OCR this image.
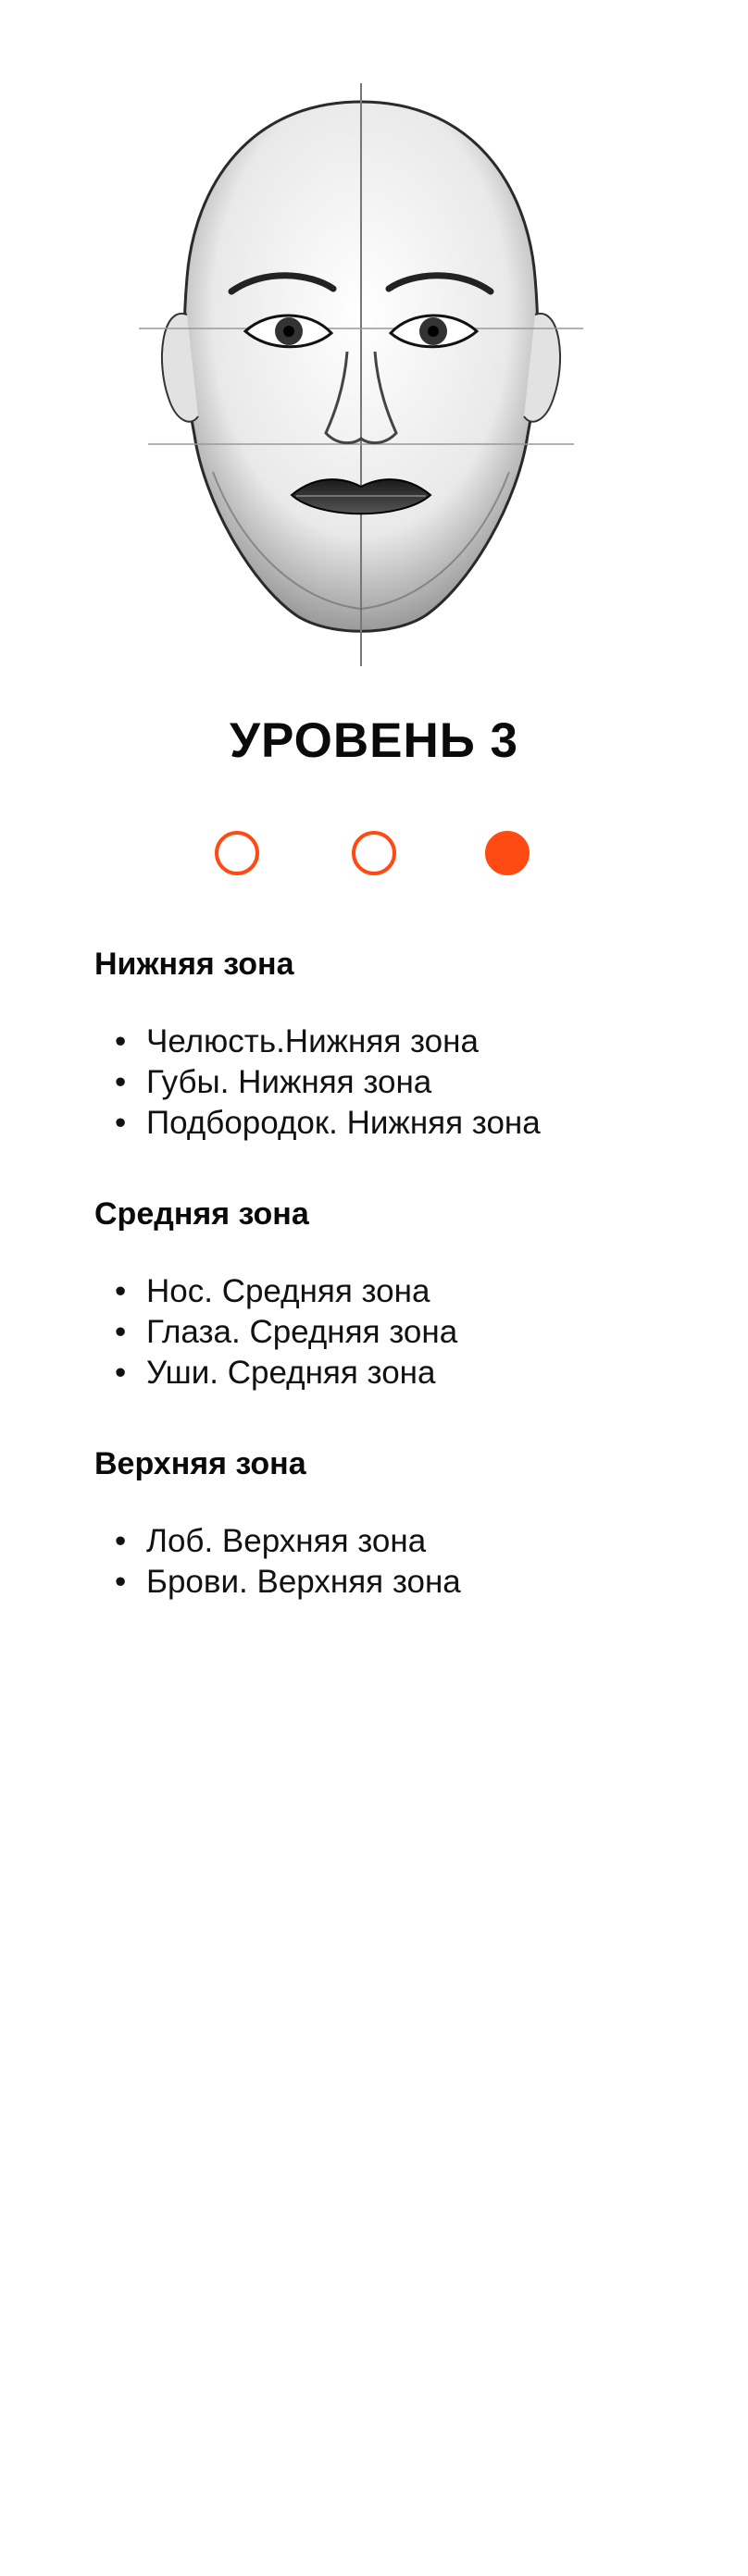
УРОВЕНЬ 3
Нижняя зона
• Челюсть.Нижняя зона
• Губы. Нижняя зона
• Подбородок. Нижняя зона
Средняя зона
• Нос. Средняя зона
• Глаза. Средняя зона
• Уши. Средняя зона
Верхняя зона
• Лоб. Верхняя зона
• Брови. Верхняя зона
